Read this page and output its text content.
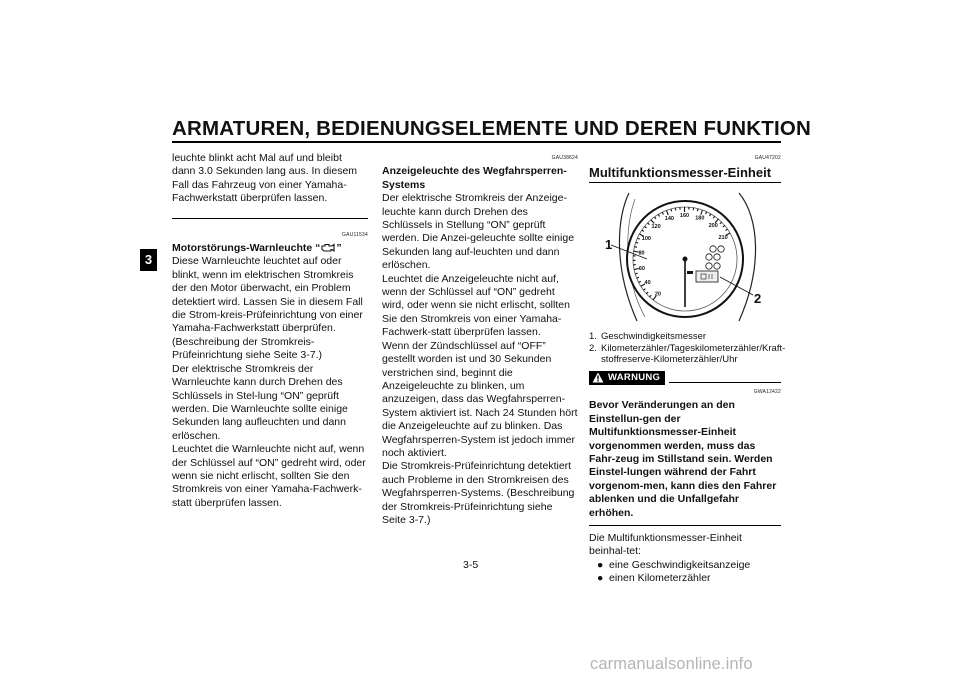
ARMATUREN, BEDIENUNGSELEMENTE UND DEREN FUNKTION
3

leuchte blinkt acht Mal auf und bleibt dann 3.0 Sekunden lang aus. In diesem Fall das Fahrzeug von einer Yamaha-Fachwerkstatt überprüfen lassen.

GAU11534

Motorstörungs-Warnleuchte “ ”

Diese Warnleuchte leuchtet auf oder blinkt, wenn im elektrischen Stromkreis der den Motor überwacht, ein Problem detektiert wird. Lassen Sie in diesem Fall die Strom-kreis-Prüfeinrichtung von einer Yamaha-Fachwerkstatt überprüfen. (Beschreibung der Stromkreis-Prüfeinrichtung siehe Seite 3-7.)

Der elektrische Stromkreis der Warnleuchte kann durch Drehen des Schlüssels in Stel-lung “ON” geprüft werden. Die Warnleuchte sollte einige Sekunden lang aufleuchten und dann erlöschen.

Leuchtet die Warnleuchte nicht auf, wenn der Schlüssel auf “ON” gedreht wird, oder wenn sie nicht erlischt, sollten Sie den Stromkreis von einer Yamaha-Fachwerk-statt überprüfen lassen.

GAU38624

Anzeigeleuchte des Wegfahrsperren-Systems

Der elektrische Stromkreis der Anzeige-leuchte kann durch Drehen des Schlüssels in Stellung “ON” geprüft werden. Die Anzei-geleuchte sollte einige Sekunden lang auf-leuchten und dann erlöschen.

Leuchtet die Anzeigeleuchte nicht auf, wenn der Schlüssel auf “ON” gedreht wird, oder wenn sie nicht erlischt, sollten Sie den Stromkreis von einer Yamaha-Fachwerk-statt überprüfen lassen.

Wenn der Zündschlüssel auf “OFF” gestellt worden ist und 30 Sekunden verstrichen sind, beginnt die Anzeigeleuchte zu blinken, um anzuzeigen, dass das Wegfahrsperren-System aktiviert ist. Nach 24 Stunden hört die Anzeigeleuchte auf zu blinken. Das Wegfahrsperren-System ist jedoch immer noch aktiviert.

Die Stromkreis-Prüfeinrichtung detektiert auch Probleme in den Stromkreisen des Wegfahrsperren-Systems. (Beschreibung der Stromkreis-Prüfeinrichtung siehe Seite 3-7.)

GAU47202

Multifunktionsmesser-Einheit

20
40
60
80
100
120
140 160 180
200
210
1
2
1. Geschwindigkeitsmesser
2. Kilometerzähler/Tageskilometerzähler/Kraft-stoffreserve-Kilometerzähler/Uhr
WARNUNG
GWA12422

Bevor Veränderungen an den Einstellun-gen der Multifunktionsmesser-Einheit vorgenommen werden, muss das Fahr-zeug im Stillstand sein. Werden Einstel-lungen während der Fahrt vorgenom-men, kann dies den Fahrer ablenken und die Unfallgefahr erhöhen.

Die Multifunktionsmesser-Einheit beinhal-tet:

● eine Geschwindigkeitsanzeige
● einen Kilometerzähler
3-5
carmanualsonline.info
